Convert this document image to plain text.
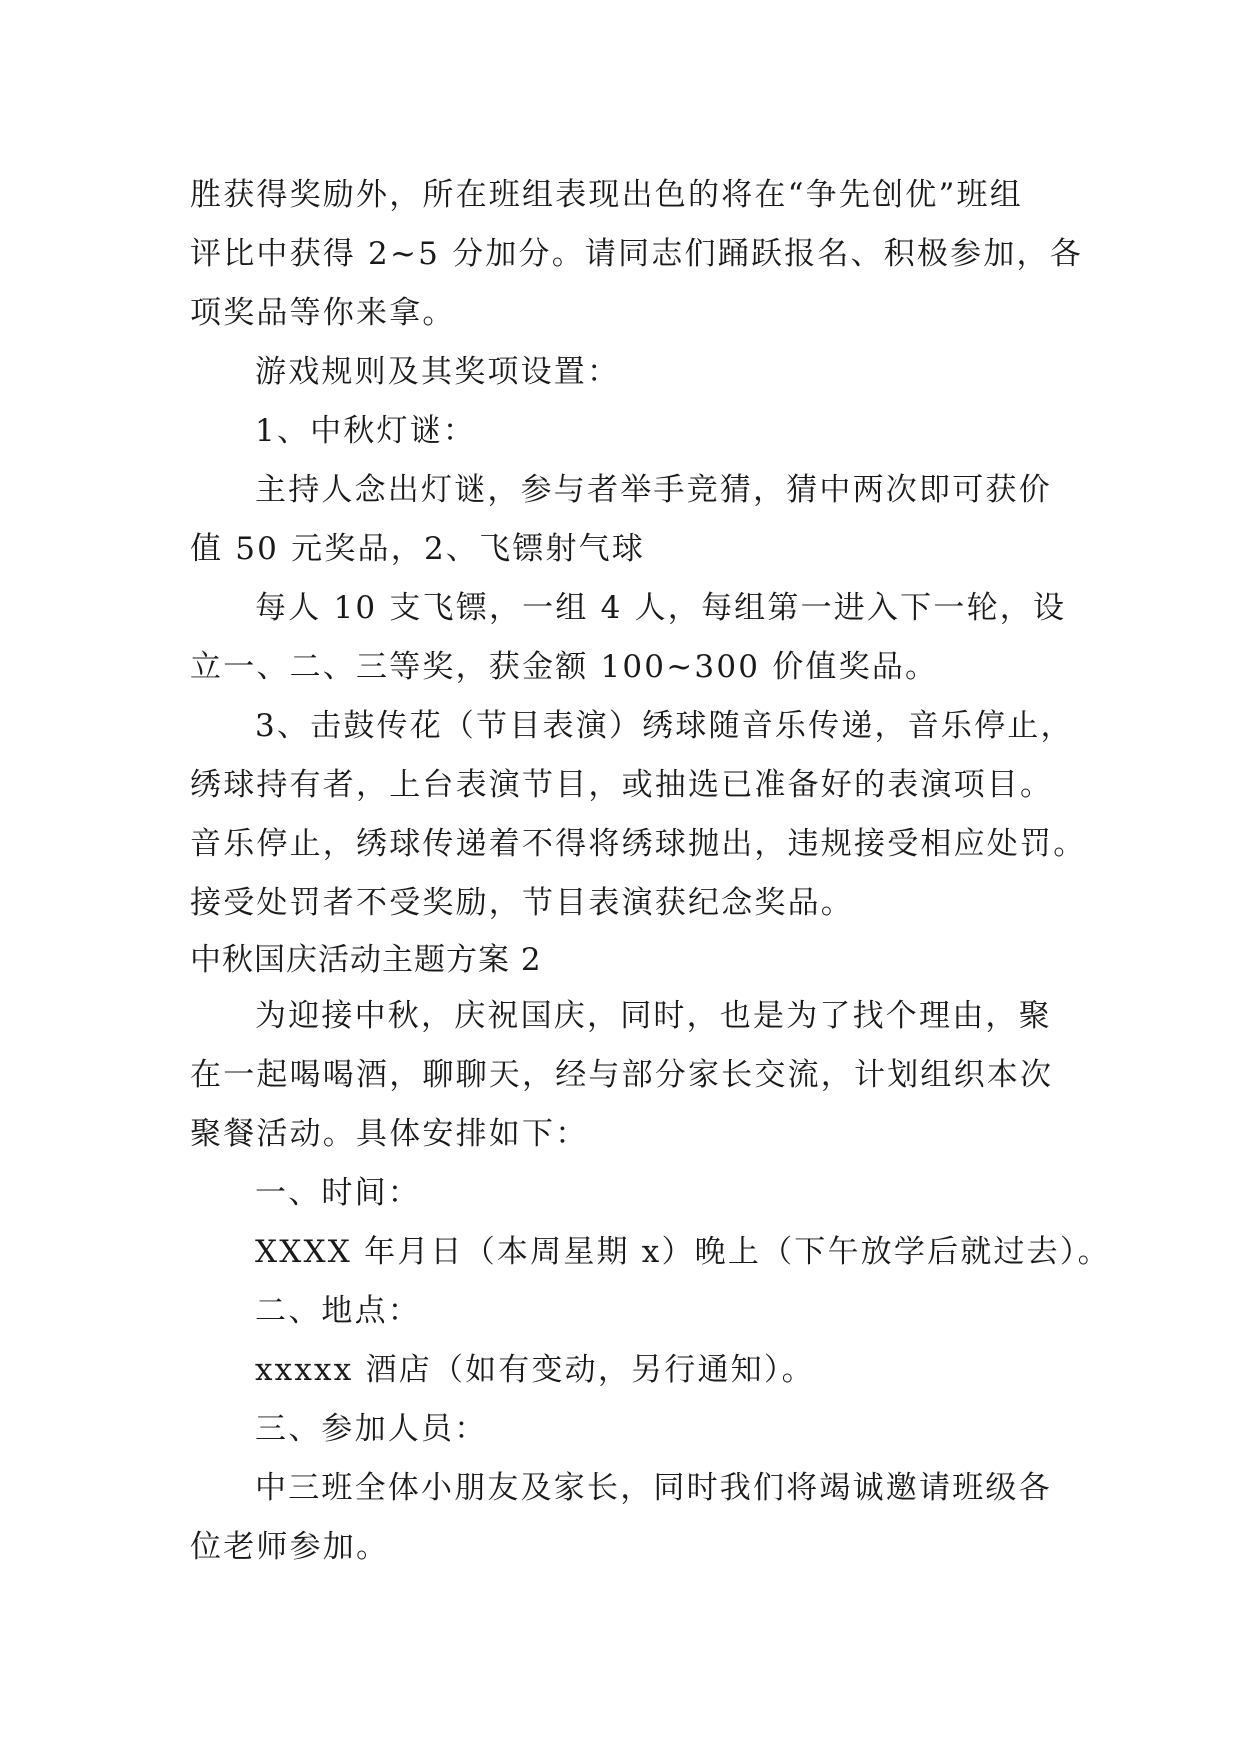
胜获得奖励外，所在班组表现出色的将在“争先创优”班组
评比中获得 2~5 分加分。请同志们踊跃报名、积极参加，各
项奖品等你来拿。
游戏规则及其奖项设置：
1、中秋灯谜：
主持人念出灯谜，参与者举手竞猜，猜中两次即可获价
值 50 元奖品，2、飞镖射气球
每人 10 支飞镖，一组 4 人，每组第一进入下一轮，设
立一、二、三等奖，获金额 100~300 价值奖品。
3、击鼓传花（节目表演）绣球随音乐传递，音乐停止，
绣球持有者，上台表演节目，或抽选已准备好的表演项目。
音乐停止，绣球传递着不得将绣球抛出，违规接受相应处罚。
接受处罚者不受奖励，节目表演获纪念奖品。
中秋国庆活动主题方案 2
为迎接中秋，庆祝国庆，同时，也是为了找个理由，聚
在一起喝喝酒，聊聊天，经与部分家长交流，计划组织本次
聚餐活动。具体安排如下：
一、时间：
XXXX 年月日（本周星期 x）晚上（下午放学后就过去）。
二、地点：
xxxxx 酒店（如有变动，另行通知）。
三、参加人员：
中三班全体小朋友及家长，同时我们将竭诚邀请班级各
位老师参加。
